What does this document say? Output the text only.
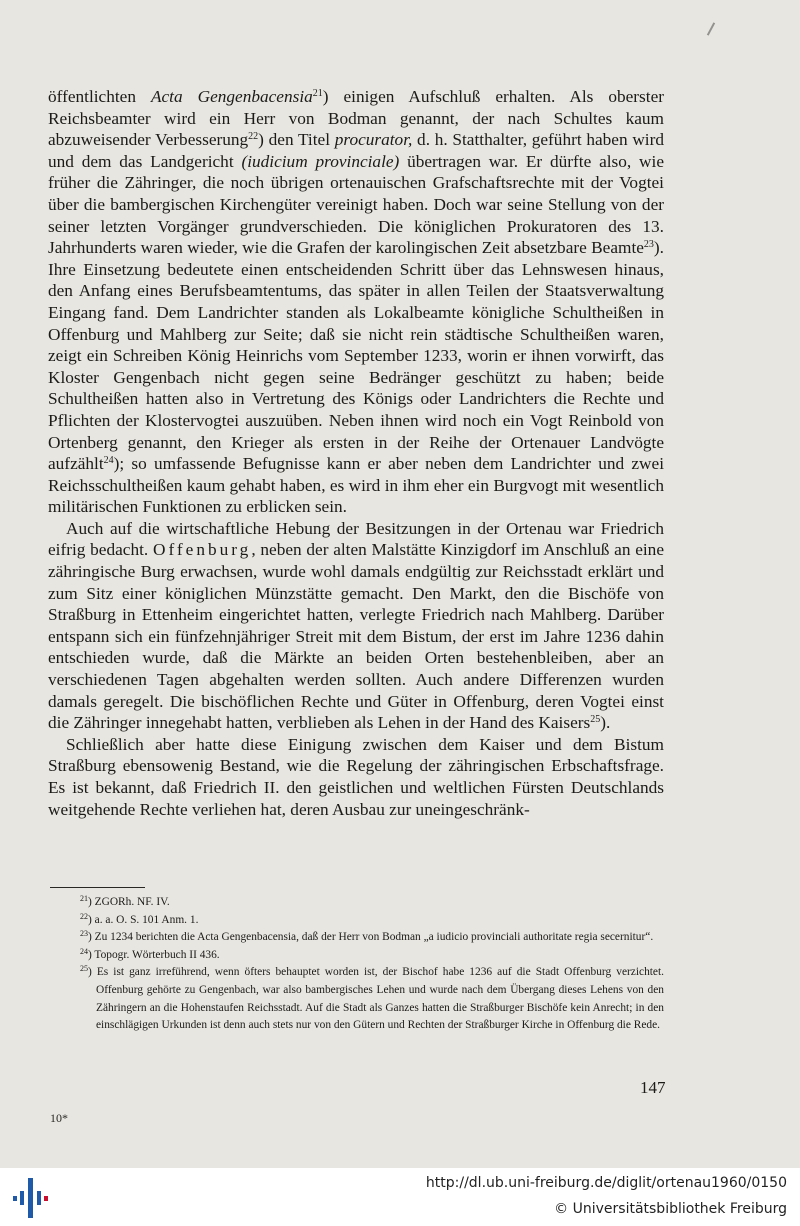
öffentlichten Acta Gengenbacensia$^{21}$) einigen Aufschluß erhalten. Als oberster Reichsbeamter wird ein Herr von Bodman genannt, der nach Schultes kaum abzuweisender Verbesserung$^{22}$) den Titel procurator, d. h. Statthalter, geführt haben wird und dem das Landgericht (iudicium provinciale) übertragen war. Er dürfte also, wie früher die Zähringer, die noch übrigen ortenauischen Grafschaftsrechte mit der Vogtei über die bambergischen Kirchengüter vereinigt haben. Doch war seine Stellung von der seiner letzten Vorgänger grundverschieden. Die königlichen Prokuratoren des 13. Jahrhunderts waren wieder, wie die Grafen der karolingischen Zeit absetzbare Beamte$^{23}$). Ihre Einsetzung bedeutete einen entscheidenden Schritt über das Lehnswesen hinaus, den Anfang eines Berufsbeamtentums, das später in allen Teilen der Staatsverwaltung Eingang fand. Dem Landrichter standen als Lokalbeamte königliche Schultheißen in Offenburg und Mahlberg zur Seite; daß sie nicht rein städtische Schultheißen waren, zeigt ein Schreiben König Heinrichs vom September 1233, worin er ihnen vorwirft, das Kloster Gengenbach nicht gegen seine Bedränger geschützt zu haben; beide Schultheißen hatten also in Vertretung des Königs oder Landrichters die Rechte und Pflichten der Klostervogtei auszuüben. Neben ihnen wird noch ein Vogt Reinbold von Ortenberg genannt, den Krieger als ersten in der Reihe der Ortenauer Landvögte aufzählt$^{24}$); so umfassende Befugnisse kann er aber neben dem Landrichter und zwei Reichsschultheißen kaum gehabt haben, es wird in ihm eher ein Burgvogt mit wesentlich militärischen Funktionen zu erblicken sein.

Auch auf die wirtschaftliche Hebung der Besitzungen in der Ortenau war Friedrich eifrig bedacht. Offenburg, neben der alten Malstätte Kinzigdorf im Anschluß an eine zähringische Burg erwachsen, wurde wohl damals endgültig zur Reichsstadt erklärt und zum Sitz einer königlichen Münzstätte gemacht. Den Markt, den die Bischöfe von Straßburg in Ettenheim eingerichtet hatten, verlegte Friedrich nach Mahlberg. Darüber entspann sich ein fünfzehnjähriger Streit mit dem Bistum, der erst im Jahre 1236 dahin entschieden wurde, daß die Märkte an beiden Orten bestehenbleiben, aber an verschiedenen Tagen abgehalten werden sollten. Auch andere Differenzen wurden damals geregelt. Die bischöflichen Rechte und Güter in Offenburg, deren Vogtei einst die Zähringer innegehabt hatten, verblieben als Lehen in der Hand des Kaisers$^{25}$).

Schließlich aber hatte diese Einigung zwischen dem Kaiser und dem Bistum Straßburg ebensowenig Bestand, wie die Regelung der zähringischen Erbschaftsfrage. Es ist bekannt, daß Friedrich II. den geistlichen und weltlichen Fürsten Deutschlands weitgehende Rechte verliehen hat, deren Ausbau zur uneingeschränk-

$^{21}$) ZGORh. NF. IV.

$^{22}$) a. a. O. S. 101 Anm. 1.

$^{23}$) Zu 1234 berichten die Acta Gengenbacensia, daß der Herr von Bodman „a iudicio provinciali authoritate regia secernitur“.

$^{24}$) Topogr. Wörterbuch II 436.

$^{25}$) Es ist ganz irreführend, wenn öfters behauptet worden ist, der Bischof habe 1236 auf die Stadt Offenburg verzichtet. Offenburg gehörte zu Gengenbach, war also bambergisches Lehen und wurde nach dem Übergang dieses Lehens von den Zähringern an die Hohenstaufen Reichsstadt. Auf die Stadt als Ganzes hatten die Straßburger Bischöfe kein Anrecht; in den einschlägigen Urkunden ist denn auch stets nur von den Gütern und Rechten der Straßburger Kirche in Offenburg die Rede.

10*
147
http://dl.ub.uni-freiburg.de/diglit/ortenau1960/0150
© Universitätsbibliothek Freiburg
